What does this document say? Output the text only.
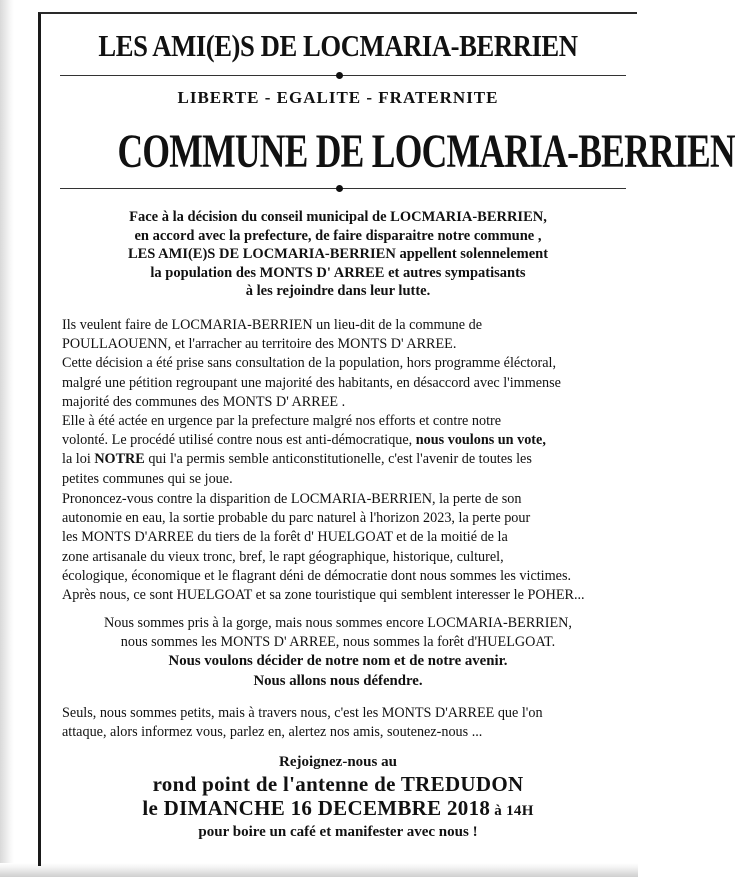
LES AMI(E)S DE LOCMARIA-BERRIEN
LIBERTE - EGALITE - FRATERNITE
COMMUNE DE LOCMARIA-BERRIEN
Face à la décision du conseil municipal de LOCMARIA-BERRIEN,
en accord avec la prefecture, de faire disparaitre notre commune ,
LES AMI(E)S DE LOCMARIA-BERRIEN appellent solennelement
la population des MONTS D' ARREE et autres sympatisants
à les rejoindre dans leur lutte.
Ils veulent faire de LOCMARIA-BERRIEN un lieu-dit de la commune de
POULLAOUENN, et l'arracher au territoire des MONTS D' ARREE.
Cette décision a été prise sans consultation de la population, hors programme éléctoral,
malgré une pétition regroupant une majorité des habitants, en désaccord avec l'immense
majorité des communes des MONTS D' ARREE .
Elle à été actée en urgence par la prefecture malgré nos efforts et contre notre
volonté. Le procédé utilisé contre nous est anti-démocratique, nous voulons un vote,
la loi NOTRE qui l'a permis semble anticonstitutionelle, c'est l'avenir de toutes les
petites communes qui se joue.
Prononcez-vous contre la disparition de LOCMARIA-BERRIEN, la perte de son
autonomie en eau, la sortie probable du parc naturel à l'horizon 2023, la perte pour
les MONTS D'ARREE du tiers de la forêt d' HUELGOAT et de la moitié de la
zone artisanale du vieux tronc, bref, le rapt géographique, historique, culturel,
écologique, économique et le flagrant déni de démocratie dont nous sommes les victimes.
Après nous, ce sont HUELGOAT et sa zone touristique qui semblent interesser le POHER...
Nous sommes pris à la gorge, mais nous sommes encore LOCMARIA-BERRIEN,
nous sommes les MONTS D' ARREE, nous sommes la forêt d'HUELGOAT.
Nous voulons décider de notre nom et de notre avenir.
Nous allons nous défendre.
Seuls, nous sommes petits, mais à travers nous, c'est les MONTS D'ARREE que l'on
attaque, alors informez vous, parlez en, alertez nos amis, soutenez-nous ...
Rejoignez-nous au
rond point de l'antenne de TREDUDON
le DIMANCHE 16 DECEMBRE 2018 à 14H
pour boire un café et manifester avec nous !
